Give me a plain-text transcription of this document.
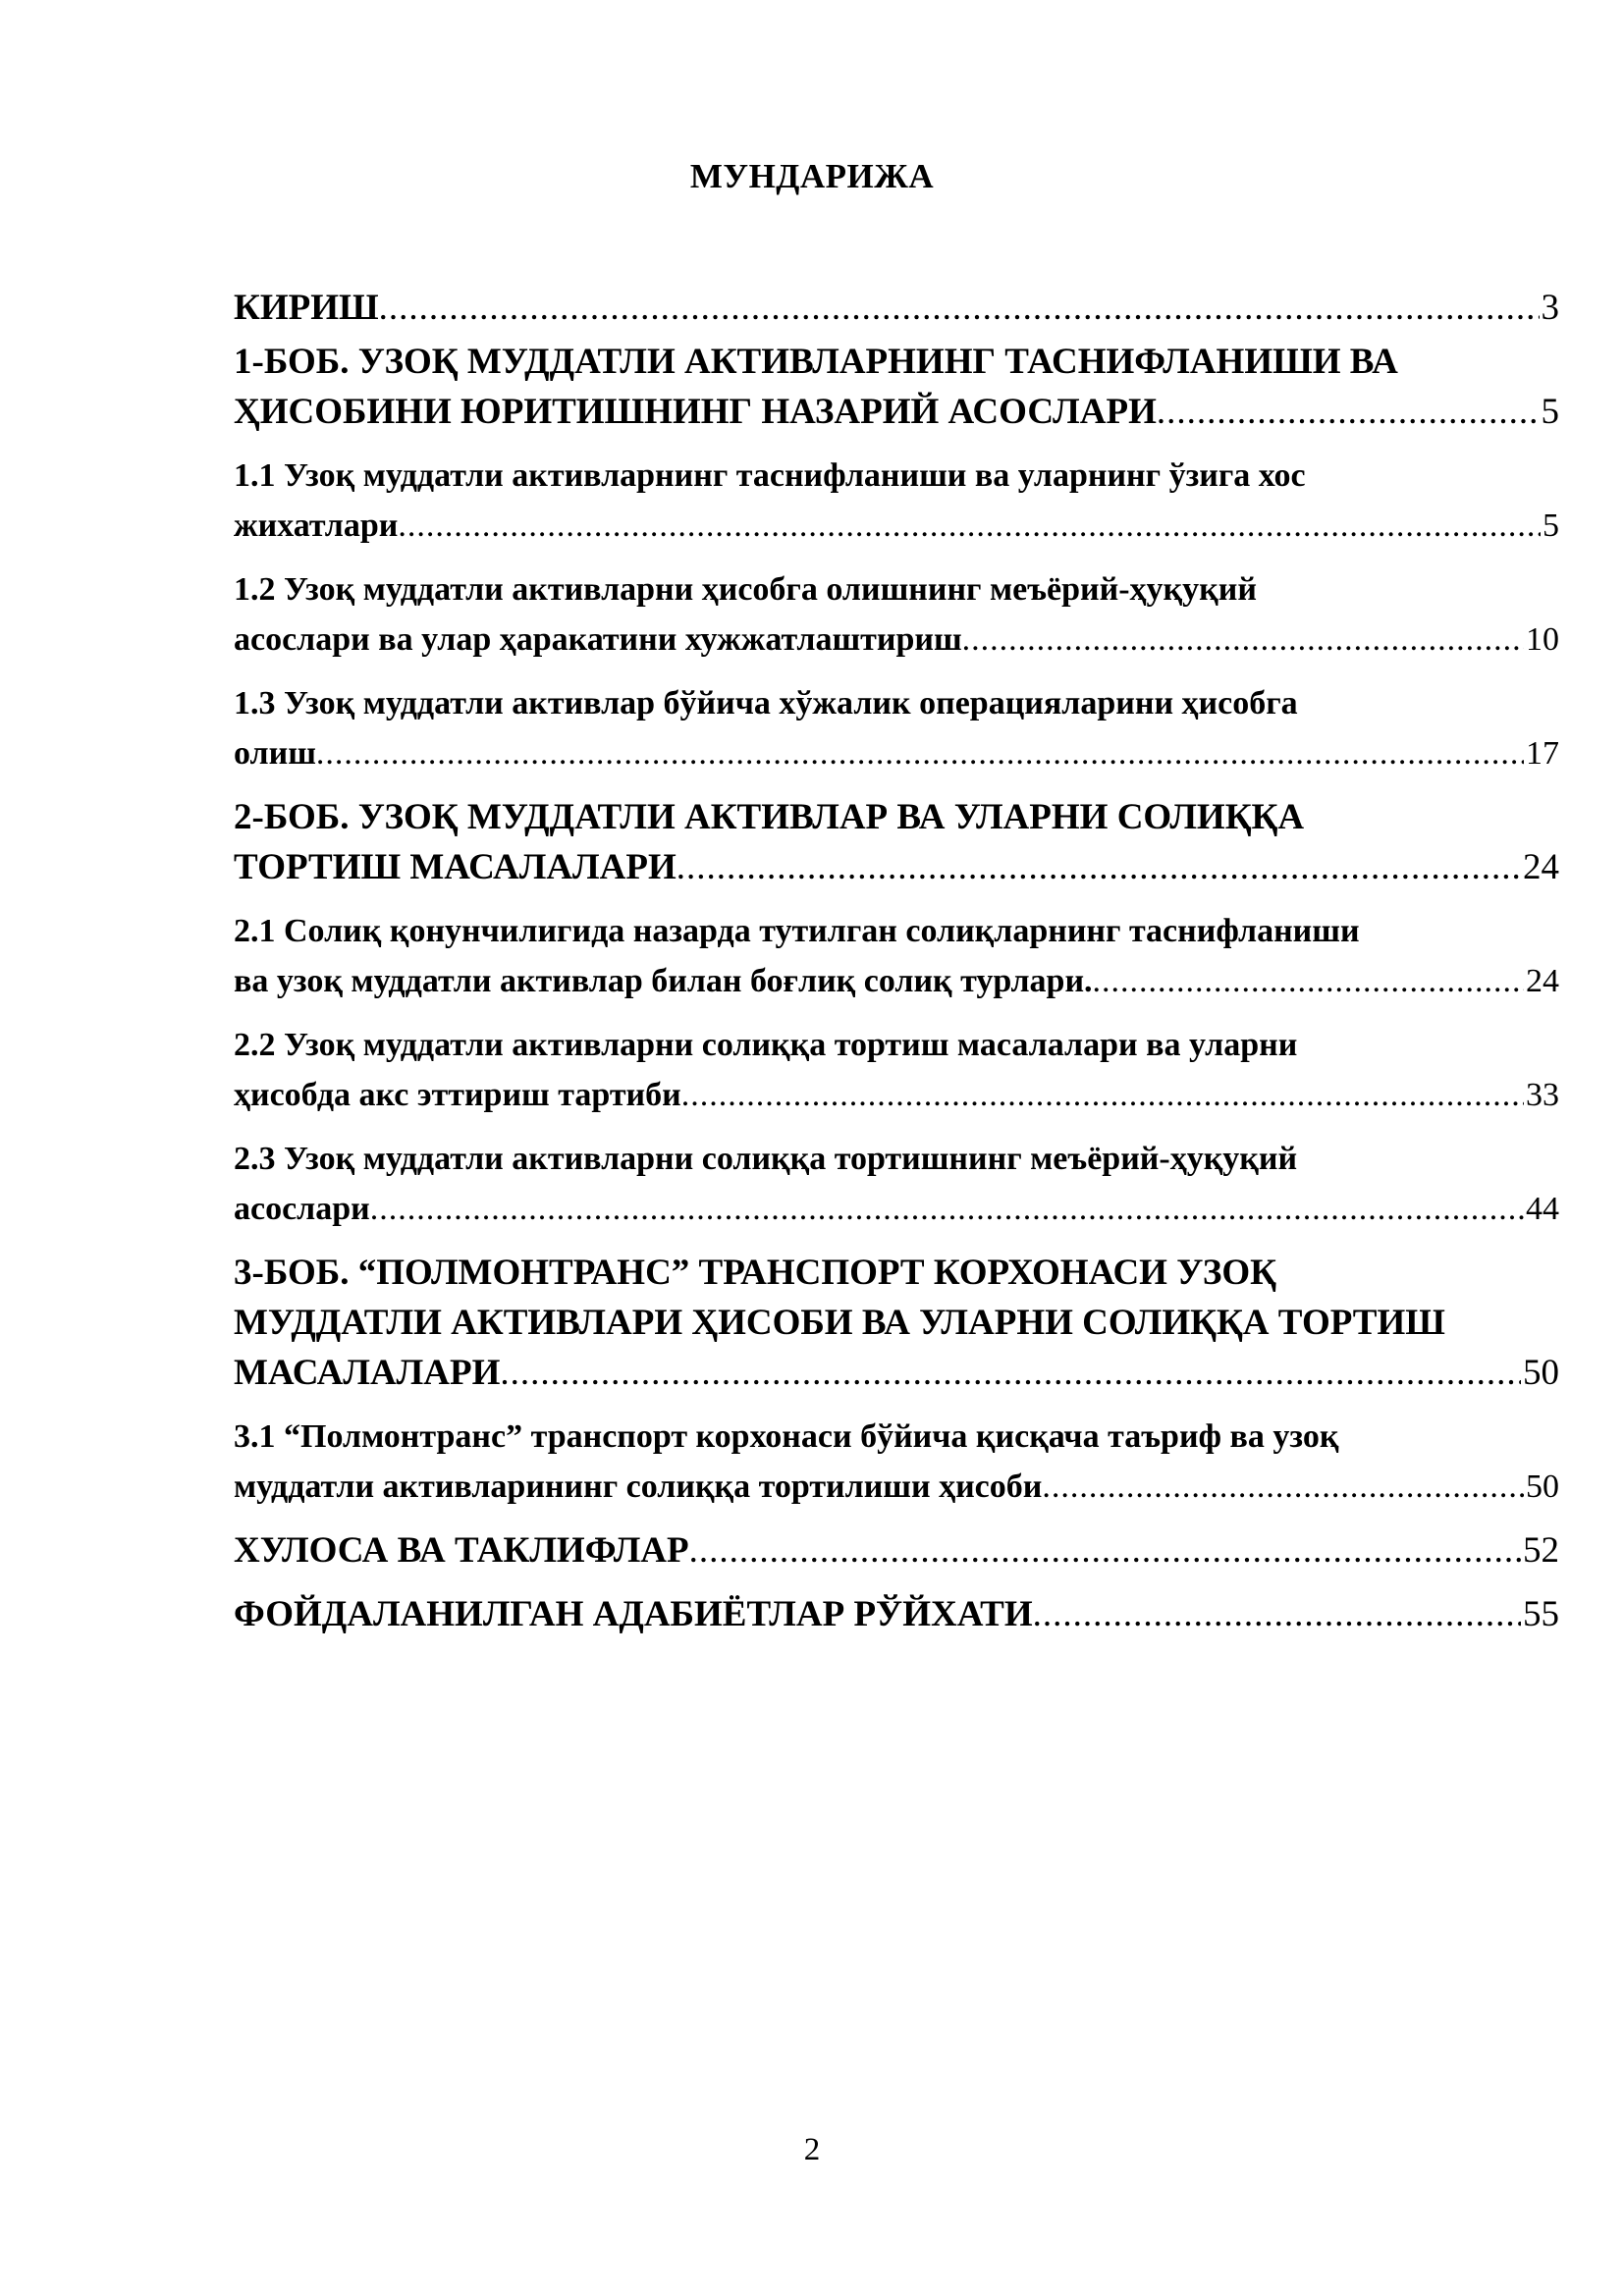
МУНДАРИЖА
КИРИШ .....	3
1-БОБ. УЗОҚ МУДДАТЛИ АКТИВЛАРНИНГ ТАСНИФЛАНИШИ ВА
ҲИСОБИНИ ЮРИТИШНИНГ НАЗАРИЙ АСОСЛАРИ .....	5
1.1 Узоқ муддатли активларнинг таснифланиши ва уларнинг ўзига хос
жихатлари .....	5
1.2 Узоқ муддатли активларни ҳисобга олишнинг меъёрий-ҳуқуқий
асослари ва улар ҳаракатини хужжатлаштириш .....	10
1.3 Узоқ муддатли активлар бўйича хўжалик операцияларини ҳисобга
олиш .....	17
2-БОБ. УЗОҚ МУДДАТЛИ АКТИВЛАР ВА УЛАРНИ СОЛИҚҚА
ТОРТИШ МАСАЛАЛАРИ .....	24
2.1 Солиқ қонунчилигида назарда тутилган солиқларнинг таснифланиши
ва узоқ муддатли активлар билан боғлиқ солиқ турлари. .....	24
2.2 Узоқ муддатли активларни солиққа тортиш масалалари ва уларни
ҳисобда акс эттириш тартиби .....	33
2.3 Узоқ муддатли активларни солиққа тортишнинг меъёрий-ҳуқуқий
асослари .....	44
3-БОБ. “ПОЛМОНТРАНС” ТРАНСПОРТ КОРХОНАСИ УЗОҚ
МУДДАТЛИ АКТИВЛАРИ ҲИСОБИ ВА УЛАРНИ СОЛИҚҚА ТОРТИШ
МАСАЛАЛАРИ .....	50
3.1 “Полмонтранс” транспорт корхонаси бўйича қисқача таъриф ва узоқ
муддатли активларининг солиққа тортилиши ҳисоби .....	50
ХУЛОСА ВА ТАКЛИФЛАР .....	52
ФОЙДАЛАНИЛГАН АДАБИЁТЛАР РЎЙХАТИ .....	55
2
